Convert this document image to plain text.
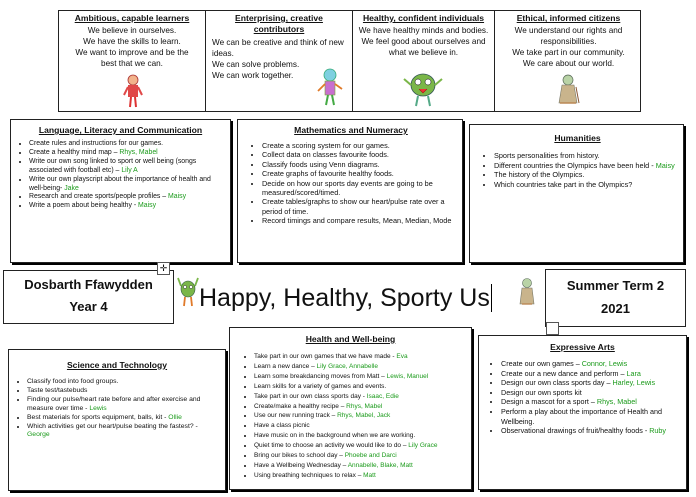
Ambitious, capable learners
We believe in ourselves.
We have the skills to learn.
We want to improve and be the best that we can.
Enterprising, creative contributors
We can be creative and think of new ideas.
We can solve problems.
We can work together.
Healthy, confident individuals
We have healthy minds and bodies.
We feel good about ourselves and what we believe in.
Ethical, informed citizens
We understand our rights and responsibilities.
We take part in our community.
We care about our world.
Language, Literacy and Communication
• Create rules and instructions for our games.
• Create a healthy mind map – Rhys, Mabel
• Write our own song linked to sport or well being (songs associated with football etc) – Lily A
• Write our own playscript about the importance of health and well-being- Jake
• Research and create sports/people profiles – Maisy
• Write a poem about being healthy - Maisy
Mathematics and Numeracy
• Create a scoring system for our games.
• Collect data on classes favourite foods.
• Classify foods using Venn diagrams.
• Create graphs of favourite healthy foods.
• Decide on how our sports day events are going to be measured/scored/timed.
• Create tables/graphs to show our heart/pulse rate over a period of time.
• Record timings and compare results, Mean, Median, Mode
Humanities
• Sports personalities from history.
• Different countries the Olympics have been held - Maisy
• The history of the Olympics.
• Which countries take part in the Olympics?
Dosbarth Ffawydden
Year 4
✛
Happy, Healthy, Sporty Us	Summer Term 2
2021
Science and Technology
• Classify food into food groups.
• Taste test/tastebuds
• Finding our pulse/heart rate before and after exercise and measure over time - Lewis
• Best materials for sports equipment, balls, kit - Ollie
• Which activities get our heart/pulse beating the fastest? - George
Health and Well-being
• Take part in our own games that we have made - Eva
• Learn a new dance – Lily Grace, Annabelle
• Learn some breakdancing moves from Matt – Lewis, Manuel
• Learn skills for a variety of games and events.
• Take part in our own class sports day - Isaac, Edie
• Create/make a healthy recipe – Rhys, Mabel
• Use our new running track – Rhys, Mabel, Jack
• Have a class picnic
• Have music on in the background when we are working.
• Quiet time to choose an activity we would like to do – Lily Grace
• Bring our bikes to school day – Phoebe and Darci
• Have a Wellbeing Wednesday – Annabelle, Blake, Matt
• Using breathing techniques to relax – Matt
Expressive Arts
• Create our own games – Connor, Lewis
• Create our a new dance and perform – Lara
• Design our own class sports day – Harley, Lewis
• Design our own sports kit
• Design a mascot for a sport – Rhys, Mabel
• Perform a play about the importance of Health and Wellbeing.
• Observational drawings of fruit/healthy foods - Ruby
